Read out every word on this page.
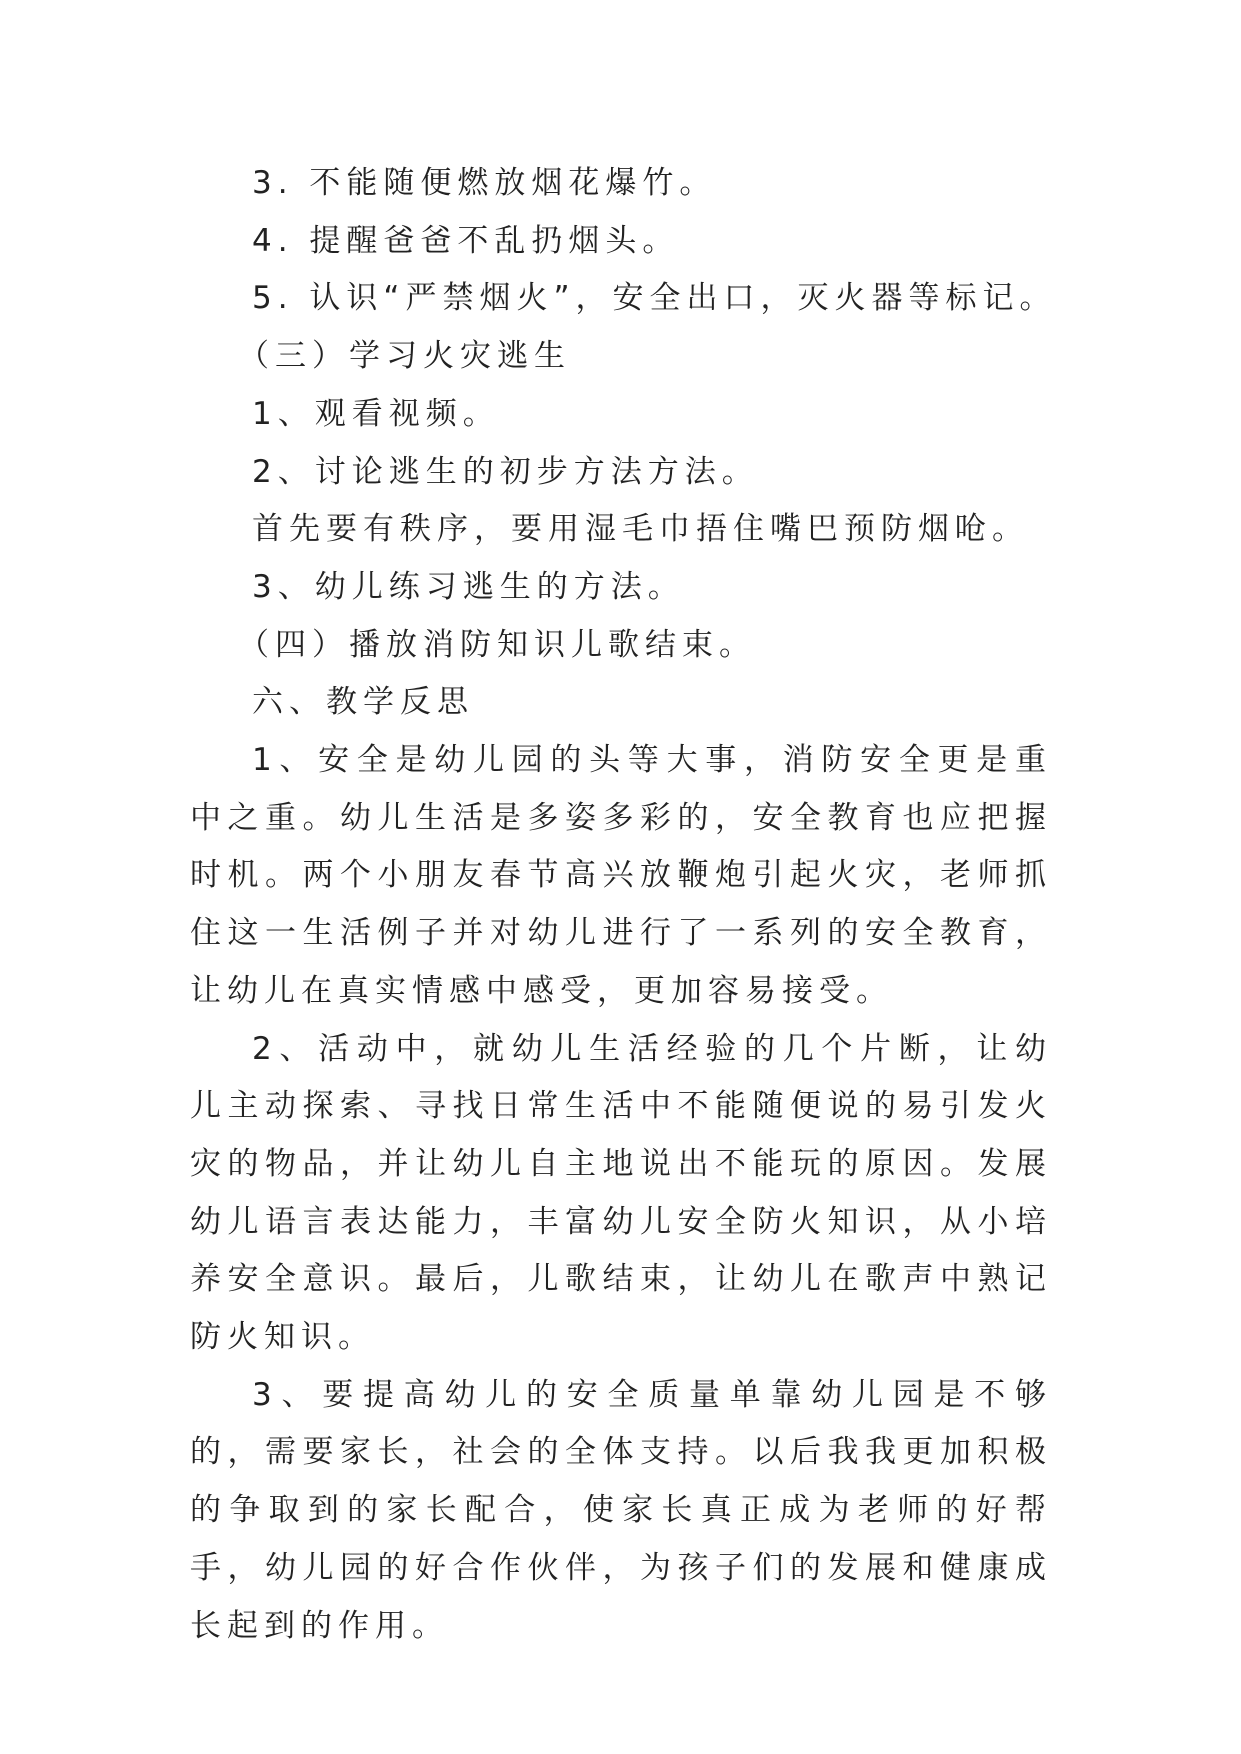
3. 不能随便燃放烟花爆竹。

4. 提醒爸爸不乱扔烟头。

5. 认识“严禁烟火”，安全出口，灭火器等标记。

（三）学习火灾逃生

1、观看视频。

2、讨论逃生的初步方法方法。

首先要有秩序，要用湿毛巾捂住嘴巴预防烟呛。

3、幼儿练习逃生的方法。

（四）播放消防知识儿歌结束。

六、教学反思

1、安全是幼儿园的头等大事，消防安全更是重中之重。幼儿生活是多姿多彩的，安全教育也应把握时机。两个小朋友春节高兴放鞭炮引起火灾，老师抓住这一生活例子并对幼儿进行了一系列的安全教育，让幼儿在真实情感中感受，更加容易接受。

2、活动中，就幼儿生活经验的几个片断，让幼儿主动探索、寻找日常生活中不能随便说的易引发火灾的物品，并让幼儿自主地说出不能玩的原因。发展幼儿语言表达能力，丰富幼儿安全防火知识，从小培养安全意识。最后，儿歌结束，让幼儿在歌声中熟记防火知识。

3、要提高幼儿的安全质量单靠幼儿园是不够的，需要家长，社会的全体支持。以后我我更加积极的争取到的家长配合，使家长真正成为老师的好帮手，幼儿园的好合作伙伴，为孩子们的发展和健康成长起到的作用。
